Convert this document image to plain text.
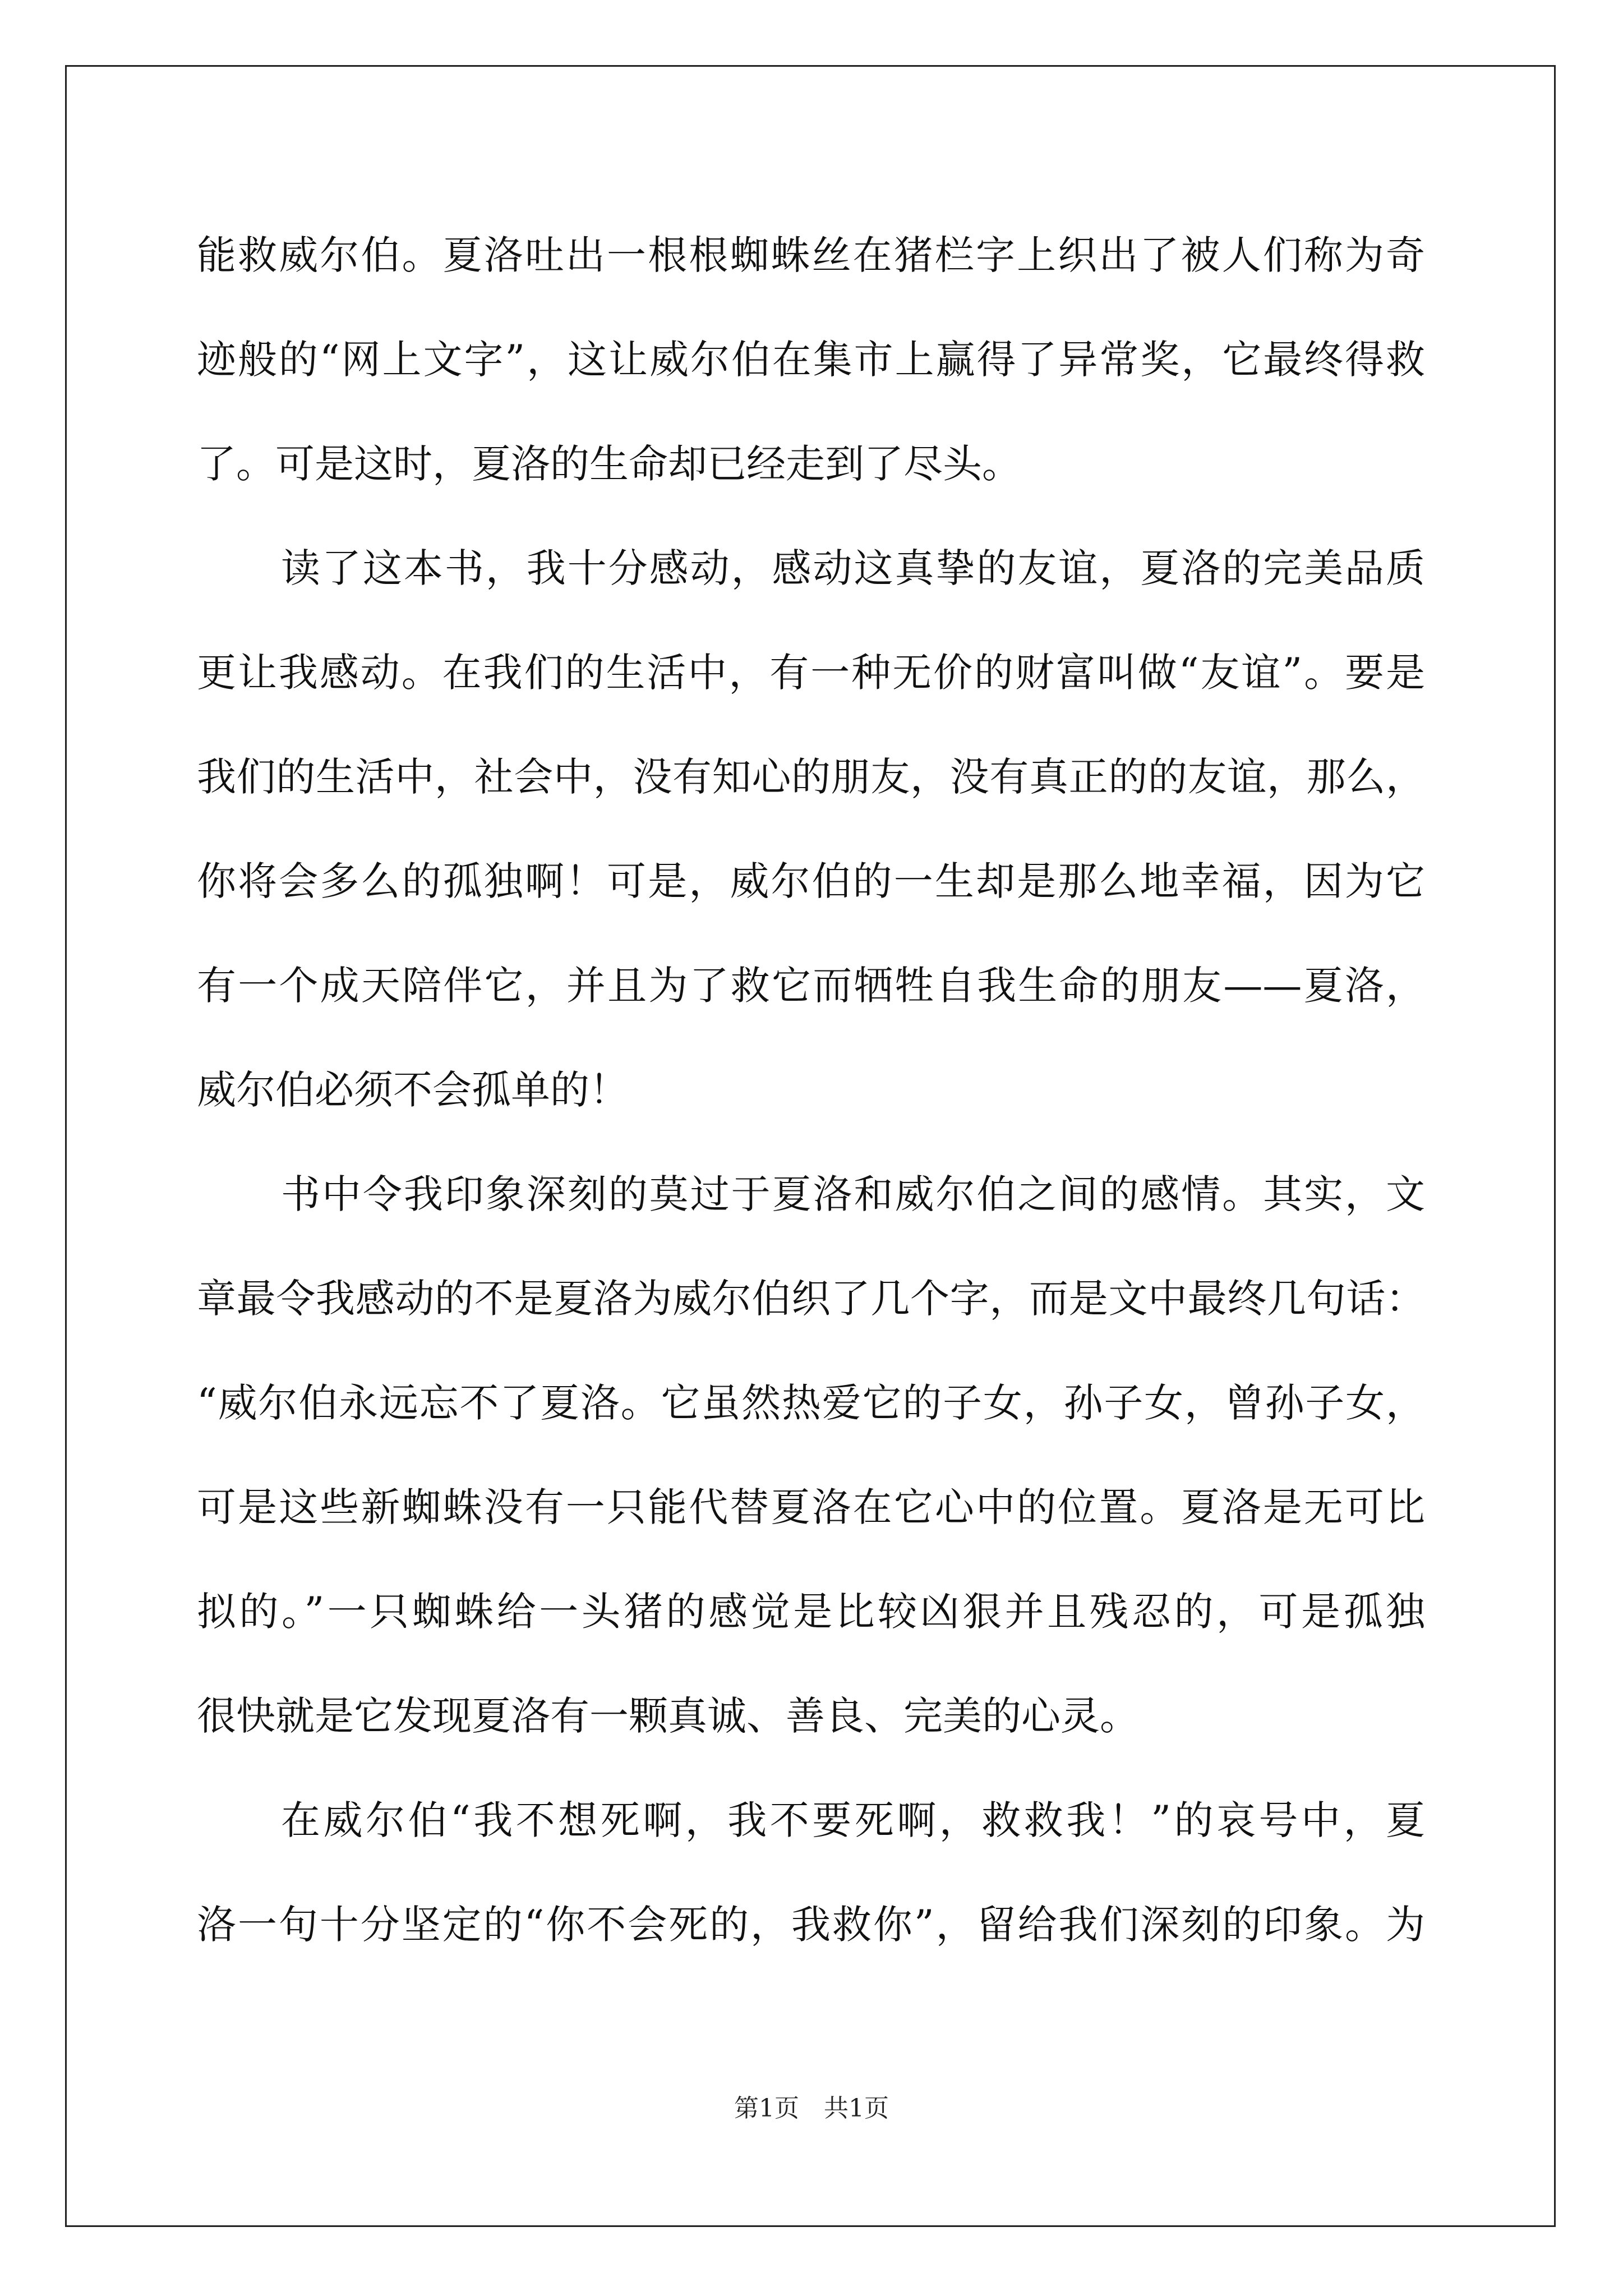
能救威尔伯。夏洛吐出一根根蜘蛛丝在猪栏字上织出了被人们称为奇
迹般的“网上文字”，这让威尔伯在集市上赢得了异常奖，它最终得救
了。可是这时，夏洛的生命却已经走到了尽头。
读了这本书，我十分感动，感动这真挚的友谊，夏洛的完美品质
更让我感动。在我们的生活中，有一种无价的财富叫做“友谊”。要是
我们的生活中，社会中，没有知心的朋友，没有真正的的友谊，那么，
你将会多么的孤独啊！可是，威尔伯的一生却是那么地幸福，因为它
有一个成天陪伴它，并且为了救它而牺牲自我生命的朋友——夏洛，
威尔伯必须不会孤单的！
书中令我印象深刻的莫过于夏洛和威尔伯之间的感情。其实，文
章最令我感动的不是夏洛为威尔伯织了几个字，而是文中最终几句话：
“威尔伯永远忘不了夏洛。它虽然热爱它的子女，孙子女，曾孙子女，
可是这些新蜘蛛没有一只能代替夏洛在它心中的位置。夏洛是无可比
拟的。”一只蜘蛛给一头猪的感觉是比较凶狠并且残忍的，可是孤独
很快就是它发现夏洛有一颗真诚、善良、完美的心灵。
在威尔伯“我不想死啊，我不要死啊，救救我！”的哀号中，夏
洛一句十分坚定的“你不会死的，我救你”，留给我们深刻的印象。为
第1页　共1页
